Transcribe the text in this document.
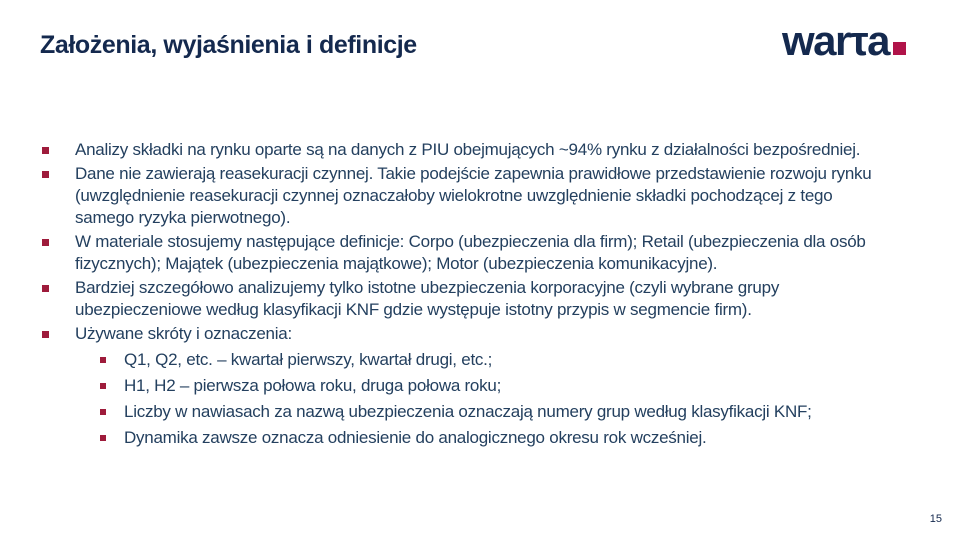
Założenia, wyjaśnienia i definicje	warτa
Analizy składki na rynku oparte są na danych z PIU obejmujących ~94% rynku z działalności bezpośredniej.
Dane nie zawierają reasekuracji czynnej. Takie podejście zapewnia prawidłowe przedstawienie rozwoju rynku (uwzględnienie reasekuracji czynnej oznaczałoby wielokrotne uwzględnienie składki pochodzącej z tego samego ryzyka pierwotnego).
W materiale stosujemy następujące definicje: Corpo (ubezpieczenia dla firm); Retail (ubezpieczenia dla osób fizycznych); Majątek (ubezpieczenia majątkowe); Motor (ubezpieczenia komunikacyjne).
Bardziej szczegółowo analizujemy tylko istotne ubezpieczenia korporacyjne (czyli wybrane grupy ubezpieczeniowe według klasyfikacji KNF gdzie występuje istotny przypis w segmencie firm).
Używane skróty i oznaczenia:
Q1, Q2, etc. – kwartał pierwszy, kwartał drugi, etc.;
H1, H2 – pierwsza połowa roku, druga połowa roku;
Liczby w nawiasach za nazwą ubezpieczenia oznaczają numery grup według klasyfikacji KNF;
Dynamika zawsze oznacza odniesienie do analogicznego okresu rok wcześniej.
15
